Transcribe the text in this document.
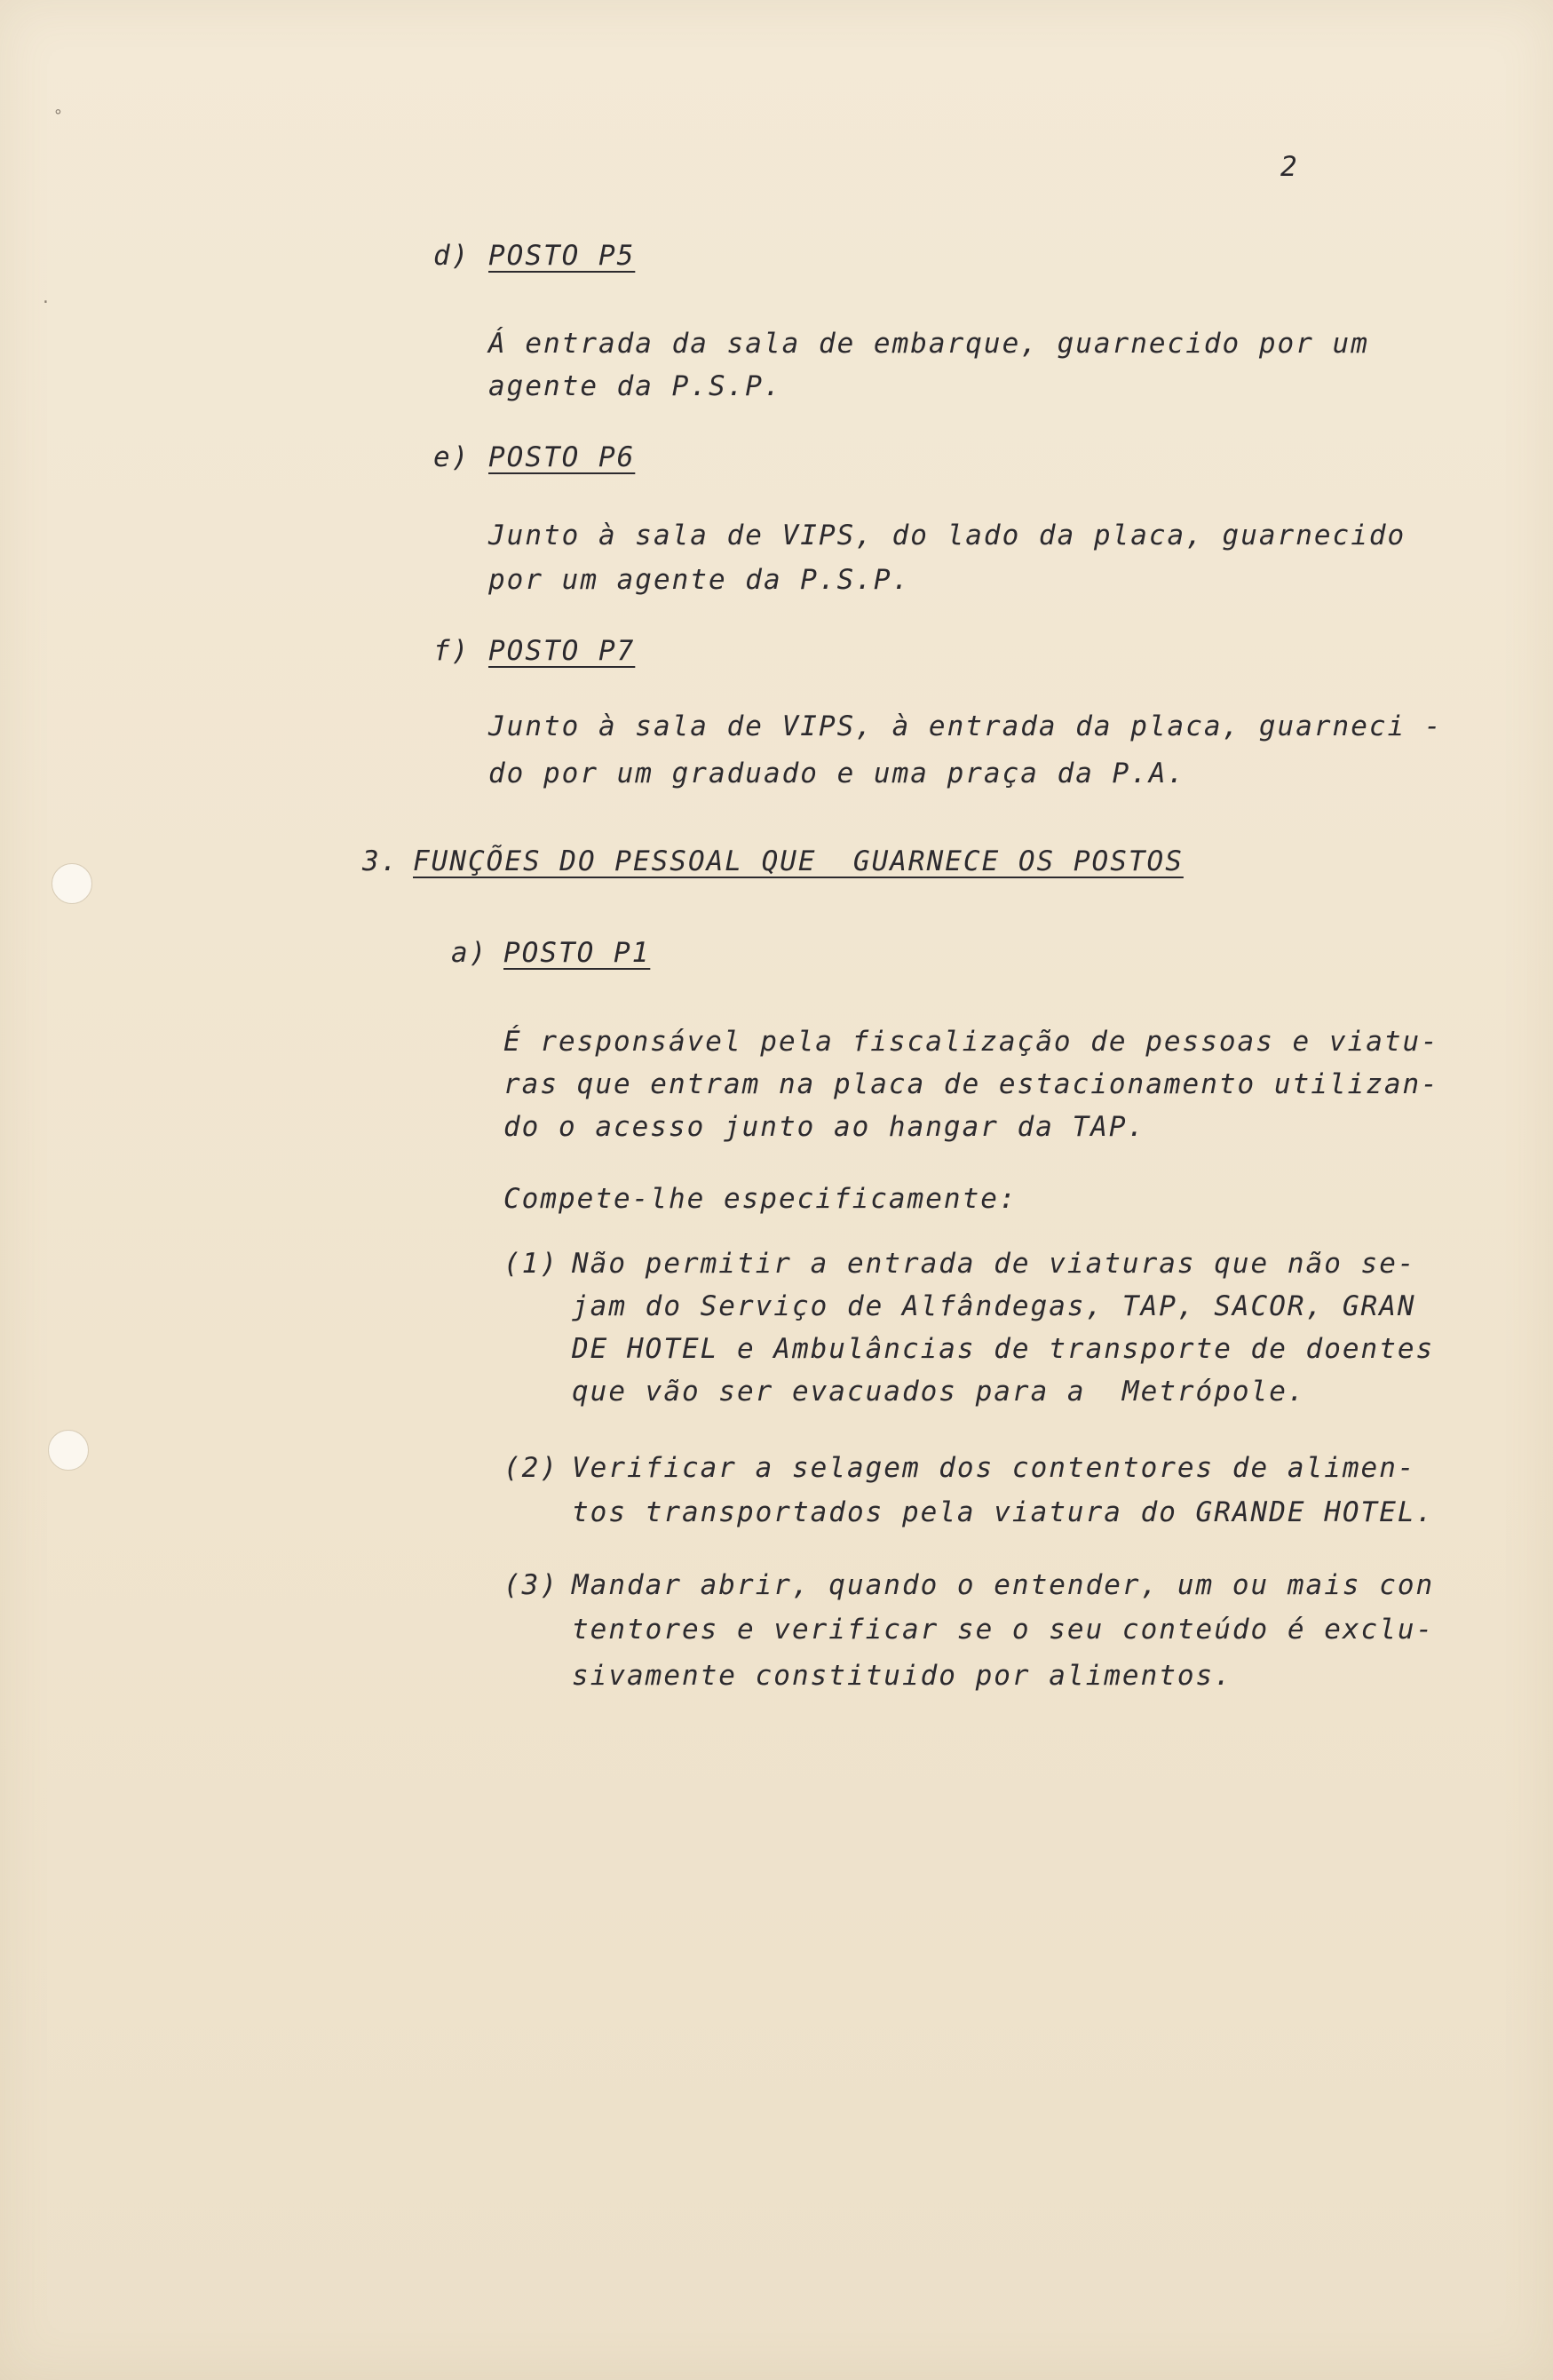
°
·
2
d) POSTO P5
Á entrada da sala de embarque, guarnecido por um
agente da P.S.P.
e) POSTO P6
Junto à sala de VIPS, do lado da placa, guarnecido
por um agente da P.S.P.
f) POSTO P7
Junto à sala de VIPS, à entrada da placa, guarneci -
do por um graduado e uma praça da P.A.
3. FUNÇÕES DO PESSOAL QUE  GUARNECE OS POSTOS
a) POSTO P1
É responsável pela fiscalização de pessoas e viatu-
ras que entram na placa de estacionamento utilizan-
do o acesso junto ao hangar da TAP.
Compete-lhe especificamente:
(1) Não permitir a entrada de viaturas que não se-
jam do Serviço de Alfândegas, TAP, SACOR, GRAN
DE HOTEL e Ambulâncias de transporte de doentes
que vão ser evacuados para a  Metrópole.
(2) Verificar a selagem dos contentores de alimen-
tos transportados pela viatura do GRANDE HOTEL.
(3) Mandar abrir, quando o entender, um ou mais con
tentores e verificar se o seu conteúdo é exclu-
sivamente constituido por alimentos.
